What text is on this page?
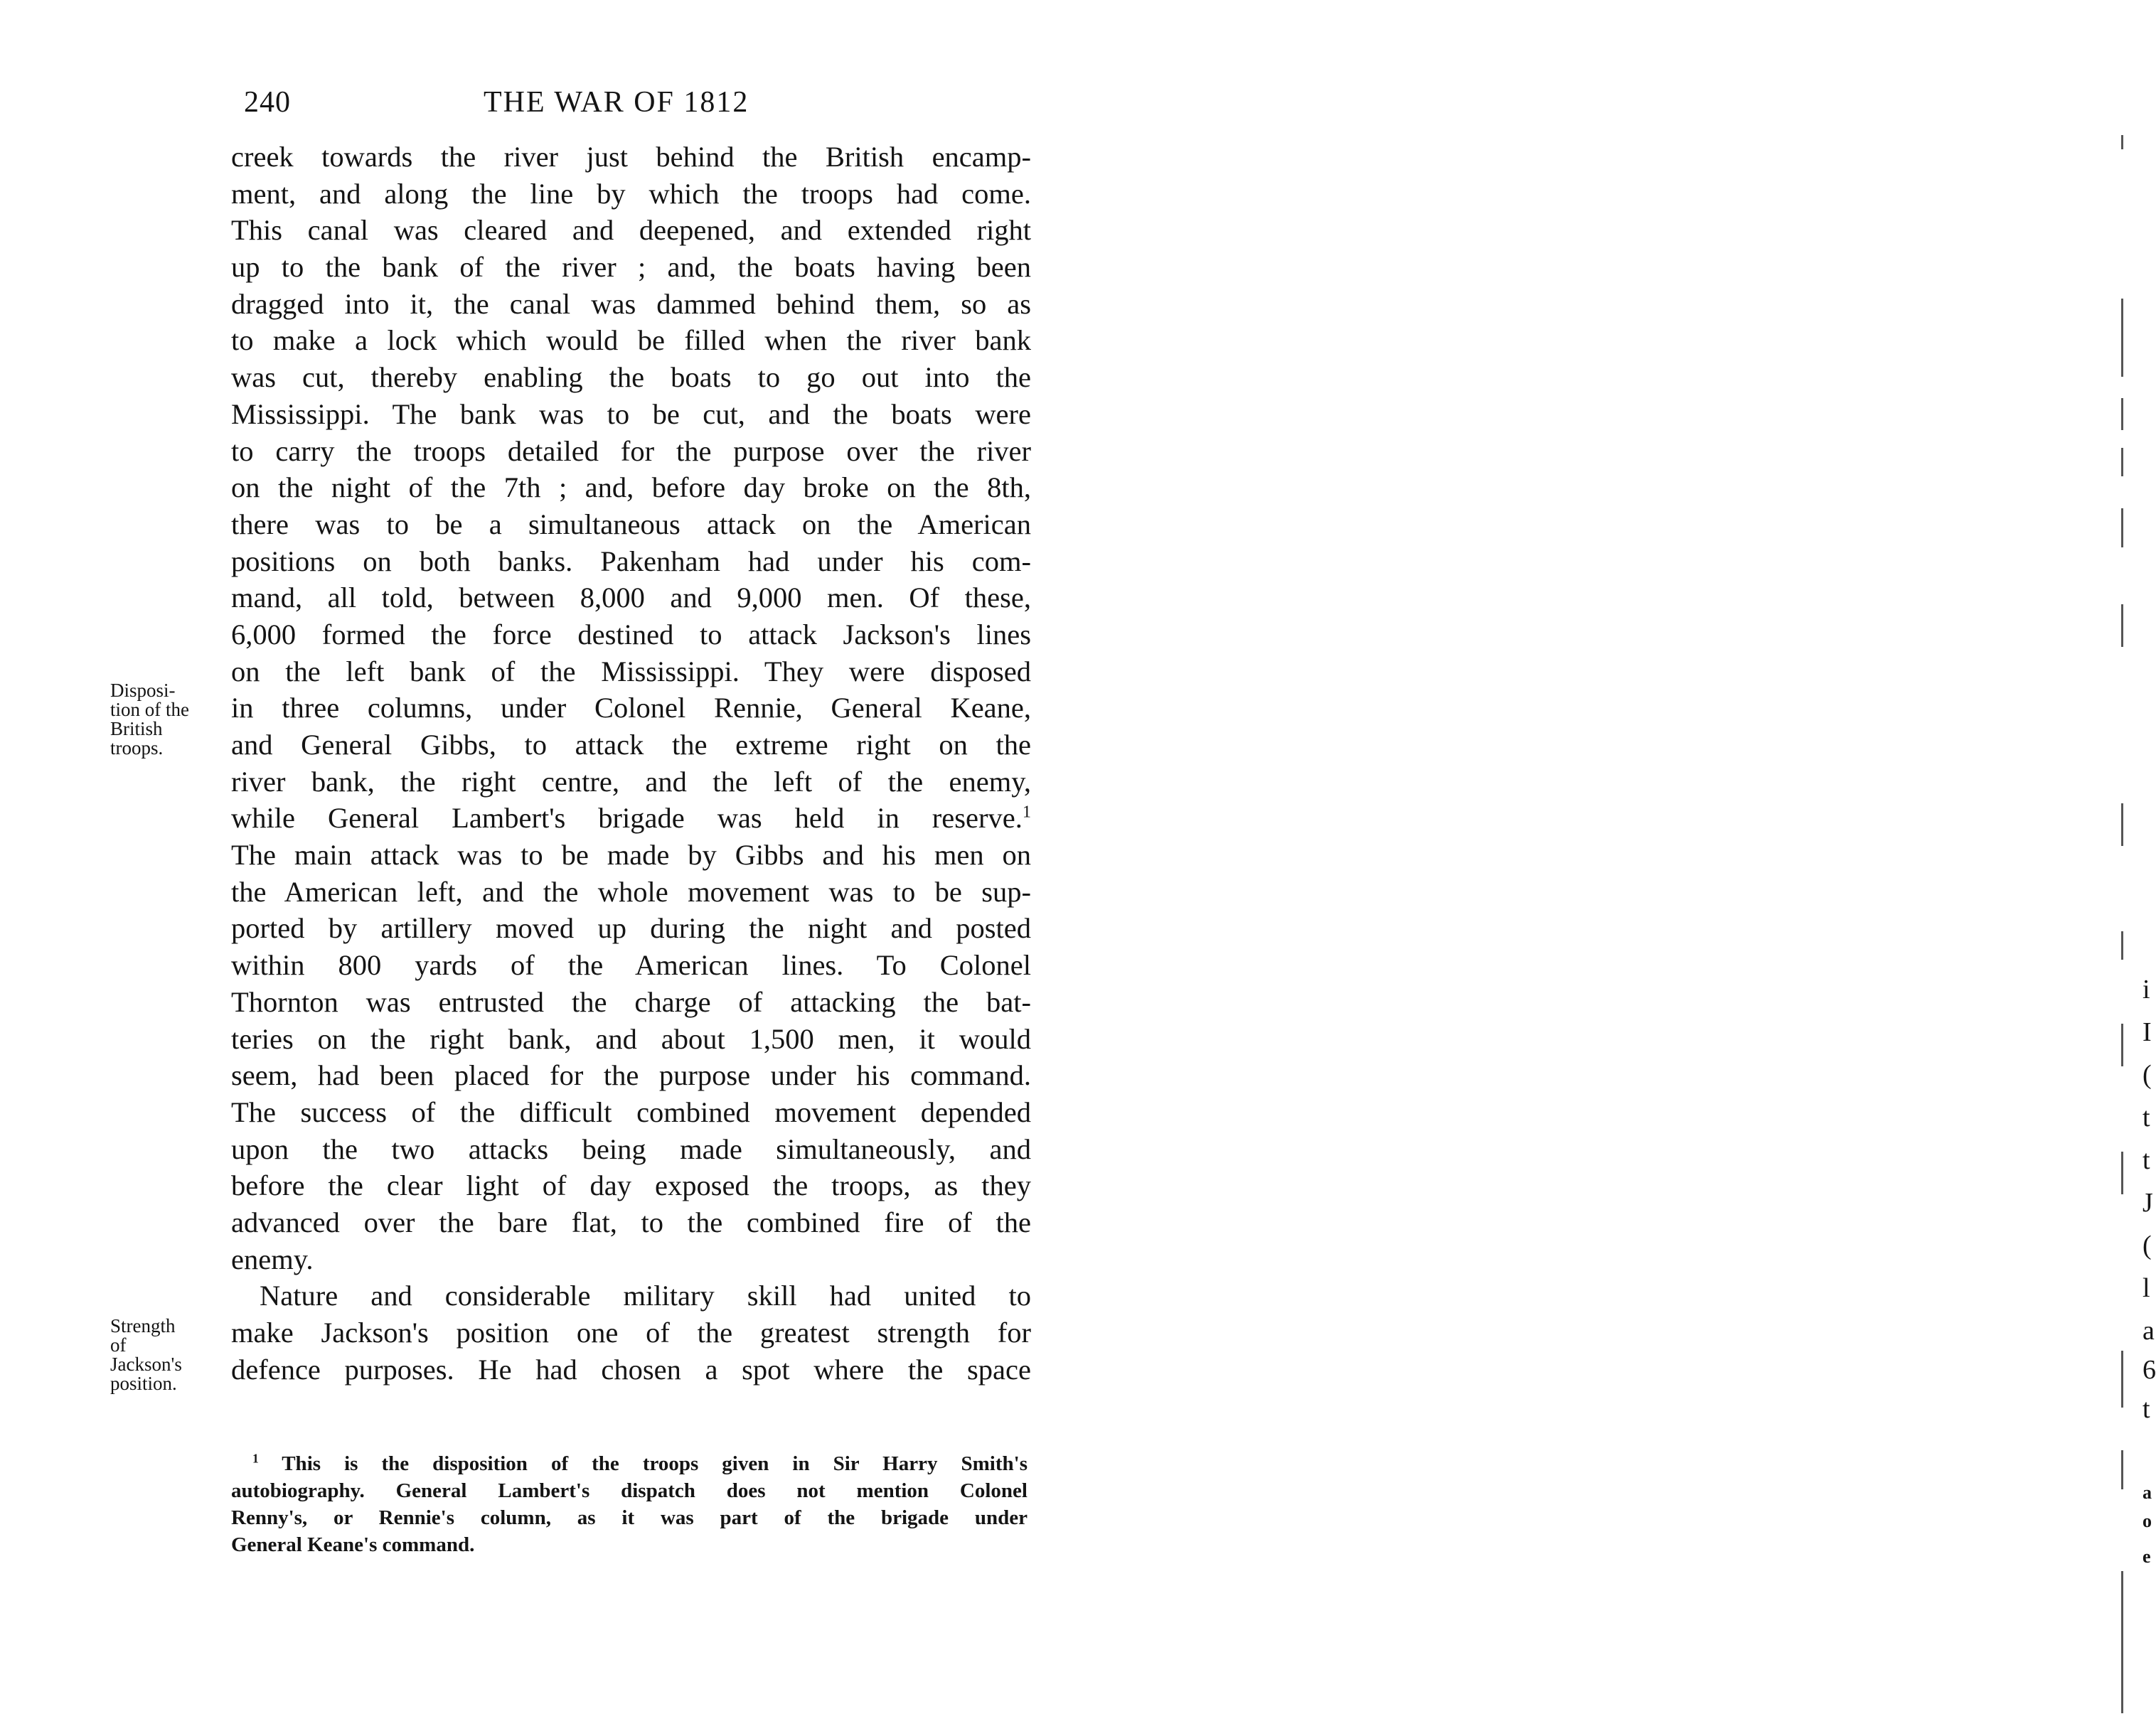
240	THE WAR OF 1812
creek towards the river just behind the British encamp-
ment, and along the line by which the troops had come.
This canal was cleared and deepened, and extended right
up to the bank of the river ; and, the boats having been
dragged into it, the canal was dammed behind them, so as
to make a lock which would be filled when the river bank
was cut, thereby enabling the boats to go out into the
Mississippi. The bank was to be cut, and the boats were
to carry the troops detailed for the purpose over the river
on the night of the 7th ; and, before day broke on the 8th,
there was to be a simultaneous attack on the American
positions on both banks. Pakenham had under his com-
mand, all told, between 8,000 and 9,000 men. Of these,
6,000 formed the force destined to attack Jackson's lines
on the left bank of the Mississippi. They were disposed
in three columns, under Colonel Rennie, General Keane,
and General Gibbs, to attack the extreme right on the
river bank, the right centre, and the left of the enemy,
while General Lambert's brigade was held in reserve.$^1$
The main attack was to be made by Gibbs and his men on
the American left, and the whole movement was to be sup-
ported by artillery moved up during the night and posted
within 800 yards of the American lines. To Colonel
Thornton was entrusted the charge of attacking the bat-
teries on the right bank, and about 1,500 men, it would
seem, had been placed for the purpose under his command.
The success of the difficult combined movement depended
upon the two attacks being made simultaneously, and
before the clear light of day exposed the troops, as they
advanced over the bare flat, to the combined fire of the
enemy.
Nature and considerable military skill had united to
make Jackson's position one of the greatest strength for
defence purposes. He had chosen a spot where the space
Disposi-
tion of the
British
troops.
Strength
of
Jackson's
position.
$^1$ This is the disposition of the troops given in Sir Harry Smith's
autobiography. General Lambert's dispatch does not mention Colonel
Renny's, or Rennie's column, as it was part of the brigade under
General Keane's command.
i
I
(
t
t
J
(
l
a
6
t
a
o
e
